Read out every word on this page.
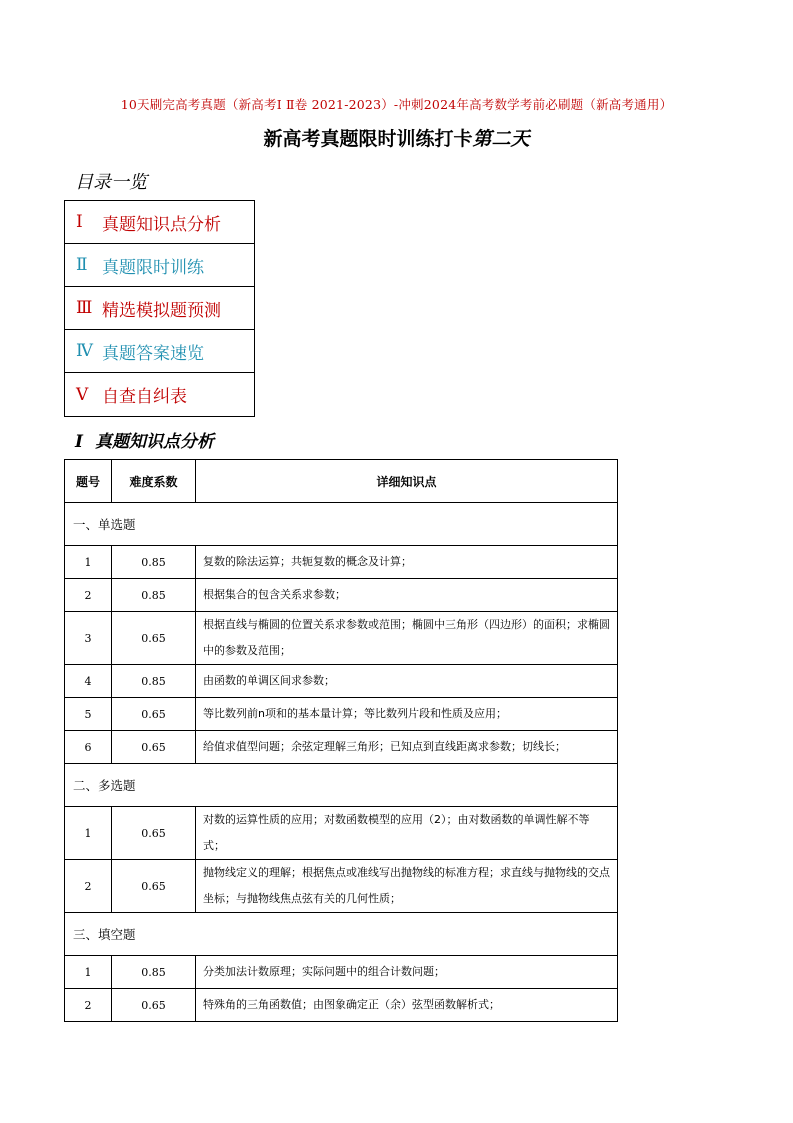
10天刷完高考真题（新高考Ⅰ Ⅱ卷 2021-2023）-冲刺2024年高考数学考前必刷题（新高考通用）
新高考真题限时训练打卡第二天
目录一览
Ⅰ	真题知识点分析
Ⅱ 真题限时训练
Ⅲ 精选模拟题预测
Ⅳ 真题答案速览
Ⅴ 自查自纠表
Ⅰ 真题知识点分析
题号	难度系数	详细知识点
一、单选题		
1	0.85	复数的除法运算；共轭复数的概念及计算；
2	0.85	根据集合的包含关系求参数；
3	0.65	根据直线与椭圆的位置关系求参数或范围；椭圆中三角形（四边形）的面积；求椭圆中的参数及范围；
4	0.85	由函数的单调区间求参数；
5	0.65	等比数列前n项和的基本量计算；等比数列片段和性质及应用；
6	0.65	给值求值型问题；余弦定理解三角形；已知点到直线距离求参数；切线长；
二、多选题		
1	0.65	对数的运算性质的应用；对数函数模型的应用（2）；由对数函数的单调性解不等式；
2	0.65	抛物线定义的理解；根据焦点或准线写出抛物线的标准方程；求直线与抛物线的交点坐标；与抛物线焦点弦有关的几何性质；
三、填空题		
1	0.85	分类加法计数原理；实际问题中的组合计数问题；
2	0.65	特殊角的三角函数值；由图象确定正（余）弦型函数解析式；
